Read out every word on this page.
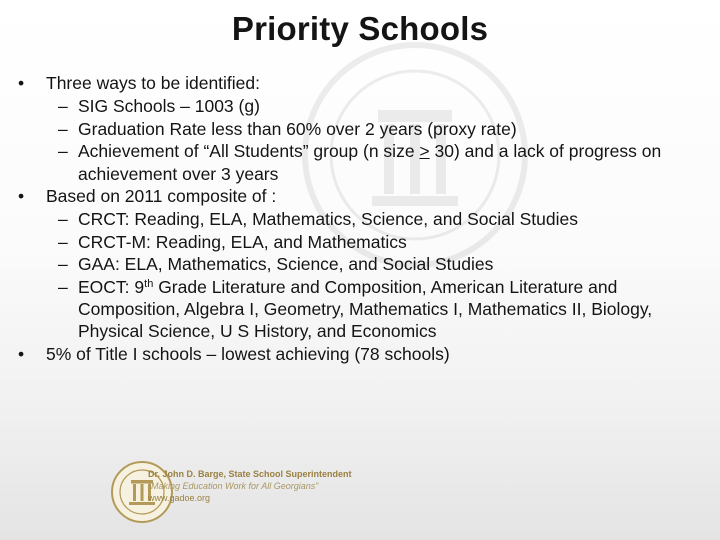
Priority Schools
• Three ways to be identified:
– SIG Schools – 1003 (g)
– Graduation Rate less than 60% over 2 years (proxy rate)
– Achievement of “All Students” group (n size ≥ 30) and a lack of progress on achievement over 3 years
• Based on 2011 composite of :
– CRCT: Reading, ELA, Mathematics, Science, and Social Studies
– CRCT-M: Reading, ELA, and Mathematics
– GAA: ELA, Mathematics, Science, and Social Studies
– EOCT: 9th Grade Literature and Composition, American Literature and Composition, Algebra I, Geometry, Mathematics I, Mathematics II, Biology, Physical Science, U S History, and Economics
• 5% of Title I schools – lowest achieving (78 schools)
Dr. John D. Barge, State School Superintendent
“Making Education Work for All Georgians”
www.gadoe.org
